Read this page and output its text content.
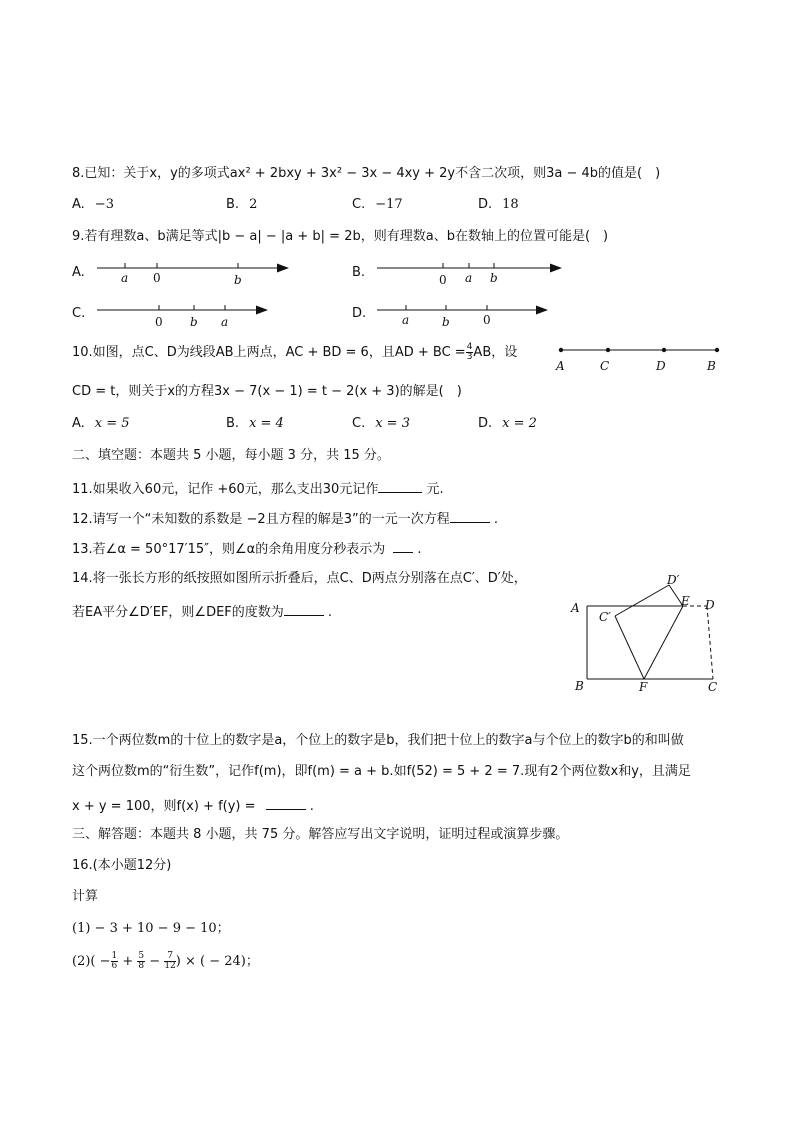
8.已知：关于x，y的多项式ax² + 2bxy + 3x² − 3x − 4xy + 2y不含二次项，则3a − 4b的值是(　)
A. −3	B. 2	C. −17	D. 18
9.若有理数a、b满足等式|b − a| − |a + b| = 2b，则有理数a、b在数轴上的位置可能是(　)
A.	a 0	b	B.	0 a b
C.
0 b a
D.	a	b	0
10.如图，点C、D为线段AB上两点，AC + BD = 6，且AD + BC = $\frac{4}{3}$ AB，设
CD = t，则关于x的方程3x − 7(x − 1) = t − 2(x + 3)的解是(　)
A	C	D	B
A. x = 5	B. x = 4	C. x = 3	D. x = 2
二、填空题：本题共 5 小题，每小题 3 分，共 15 分。
11.如果收入60元，记作 +60元，那么支出30元记作	元.
12.请写一个“未知数的系数是 −2且方程的解是3”的一元一次方程	.
13.若∠α = 50°17′15″，则∠α的余角用度分秒表示为 .
14.将一张长方形的纸按照如图所示折叠后，点C、D两点分别落在点C′、D′处，
若EA平分∠D′EF，则∠DEF的度数为	.	A	E D
D′
C′
B	F	C
15.一个两位数m的十位上的数字是a，个位上的数字是b，我们把十位上的数字a与个位上的数字b的和叫做
这个两位数m的“衍生数”，记作f(m)，即f(m) = a + b.如f(52) = 5 + 2 = 7.现有2个两位数x和y，且满足
x + y = 100，则f(x) + f(y) =	.
三、解答题：本题共 8 小题，共 75 分。解答应写出文字说明，证明过程或演算步骤。
16.(本小题12分)
计算
(1) − 3 + 10 − 9 − 10；
$(2)( - \frac{1}{6} + \frac{5}{8} - \frac{7}{12}$ ) × ( − 24)；
